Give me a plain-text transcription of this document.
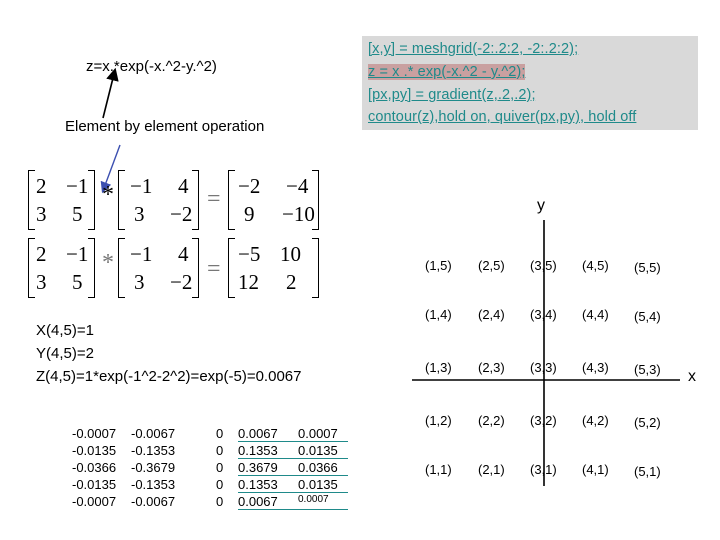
z=x.*exp(-x.^2-y.^2)
Element by element operation
[x,y] = meshgrid(-2:.2:2, -2:.2:2);
z = x .* exp(-x.^2 - y.^2);
[px,py] = gradient(z,.2,.2);
contour(z),hold on, quiver(px,py), hold off
2 −1
3 5
* −1 4
3 −2
= −2 −4
9 −10
2 −1
3 5
* −1 4
3 −2 =
−5 10
12 2
X(4,5)=1
Y(4,5)=2
Z(4,5)=1*exp(-1^2-2^2)=exp(-5)=0.0067
-0.0007
-0.0135
-0.0366
-0.0135
-0.0007
-0.0067
-0.1353
-0.3679
-0.1353
-0.0067
0
0
0
0
0
0.0067
0.1353
0.3679
0.1353
0.0067
0.0007
0.0135
0.0366
0.0135
0.0007
y
x
(1,5) (2,5) (3,5) (4,5) (5,5)
(1,4) (2,4) (3,4) (4,4) (5,4)
(1,3) (2,3) (3,3) (4,3) (5,3)
(1,2) (2,2) (3,2) (4,2) (5,2)
(1,1) (2,1) (3,1) (4,1) (5,1)
